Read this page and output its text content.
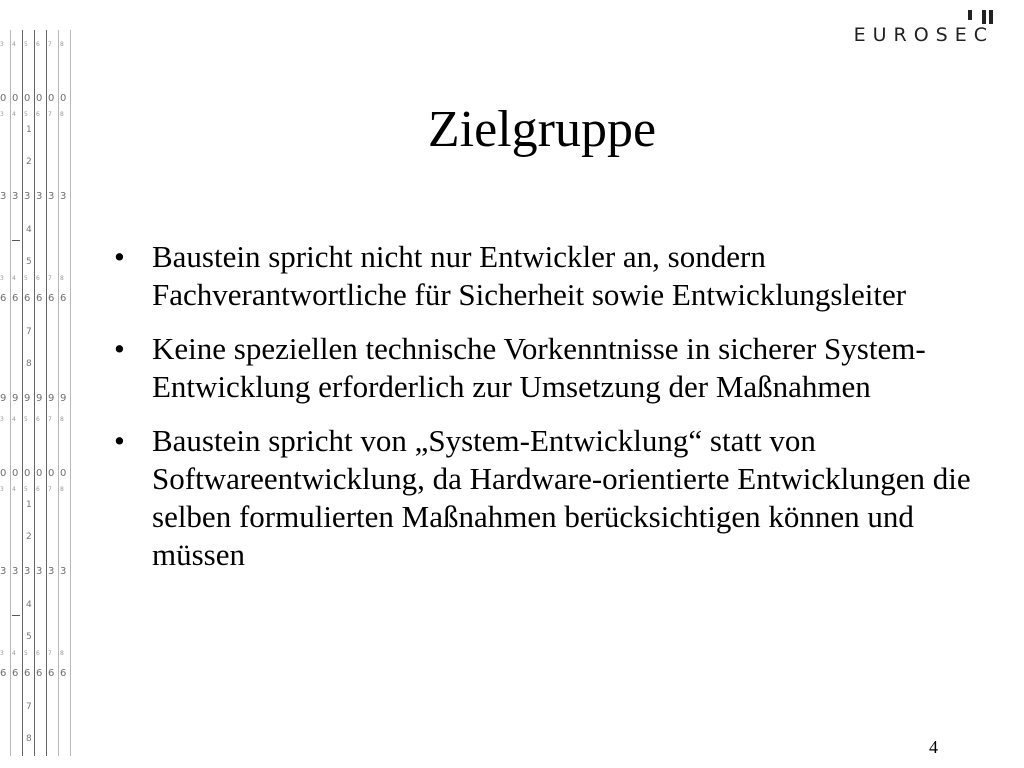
3
0
3
3
3
6
9
3
0
3
3
3
6
4
0
4
3
4
6
9
4
0
4
3
4
6
5
0
5
3
5
6
9
1
2
4
5
7
8
5
0
5
3
5
6
1
2
4
5
7
8
6
0
6
3
6
6
9
6
0
6
3
6
6
7
0
7
3
7
6
9
7
0
7
3
7
6
8
0
8
3
8
6
9
8
0
8
3
8
6
EUROSEC
Zielgruppe
• Baustein spricht nicht nur Entwickler an, sondern Fachverantwortliche für Sicherheit sowie Entwicklungsleiter
• Keine speziellen technische Vorkenntnisse in sicherer System-Entwicklung erforderlich zur Umsetzung der Maßnahmen
• Baustein spricht von „System-Entwicklung“ statt von Softwareentwicklung, da Hardware-orientierte Entwicklungen die selben formulierten Maßnahmen berücksichtigen können und müssen
4
